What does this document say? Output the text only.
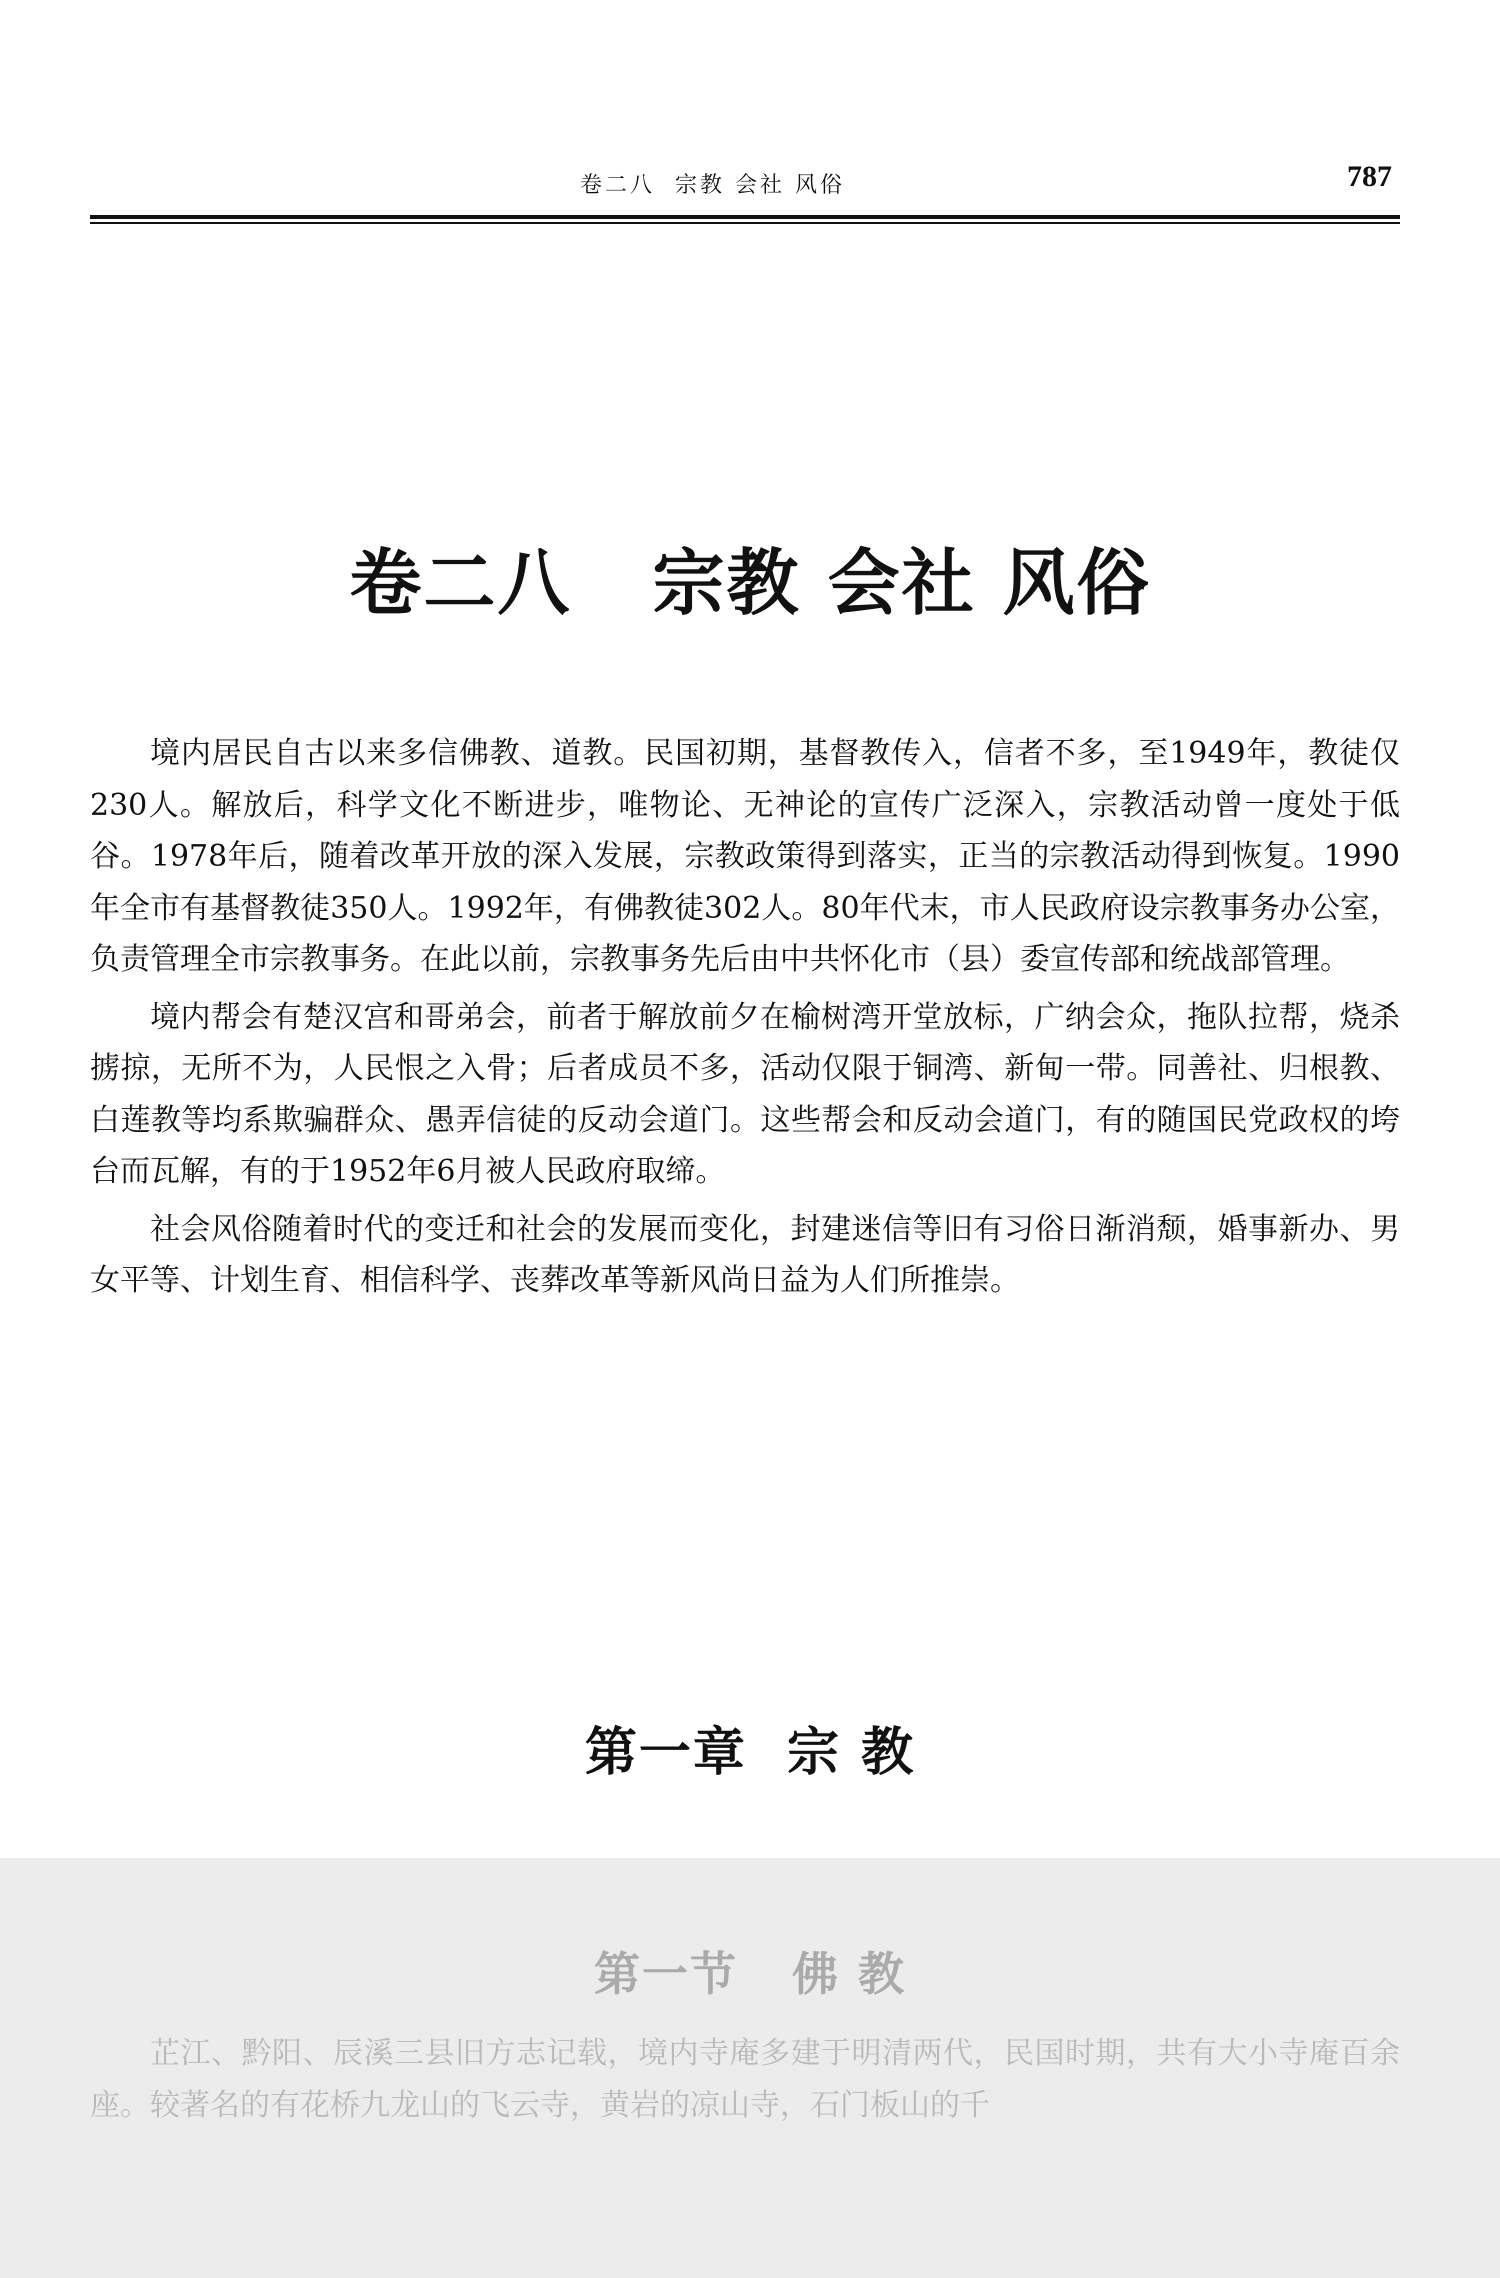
卷二八  宗教 会社 风俗	787
卷二八   宗教 会社 风俗

境内居民自古以来多信佛教、道教。民国初期，基督教传入，信者不多，至1949年，教徒仅230人。解放后，科学文化不断进步，唯物论、无神论的宣传广泛深入，宗教活动曾一度处于低谷。1978年后，随着改革开放的深入发展，宗教政策得到落实，正当的宗教活动得到恢复。1990年全市有基督教徒350人。1992年，有佛教徒302人。80年代末，市人民政府设宗教事务办公室，负责管理全市宗教事务。在此以前，宗教事务先后由中共怀化市（县）委宣传部和统战部管理。

境内帮会有楚汉宫和哥弟会，前者于解放前夕在榆树湾开堂放标，广纳会众，拖队拉帮，烧杀掳掠，无所不为，人民恨之入骨；后者成员不多，活动仅限于铜湾、新甸一带。同善社、归根教、白莲教等均系欺骗群众、愚弄信徒的反动会道门。这些帮会和反动会道门，有的随国民党政权的垮台而瓦解，有的于1952年6月被人民政府取缔。

社会风俗随着时代的变迁和社会的发展而变化，封建迷信等旧有习俗日渐消颓，婚事新办、男女平等、计划生育、相信科学、丧葬改革等新风尚日益为人们所推崇。

第一章  宗 教
第一节   佛 教

芷江、黔阳、辰溪三县旧方志记载，境内寺庵多建于明清两代，民国时期，共有大小寺庵百余座。较著名的有花桥九龙山的飞云寺，黄岩的凉山寺，石门板山的千
